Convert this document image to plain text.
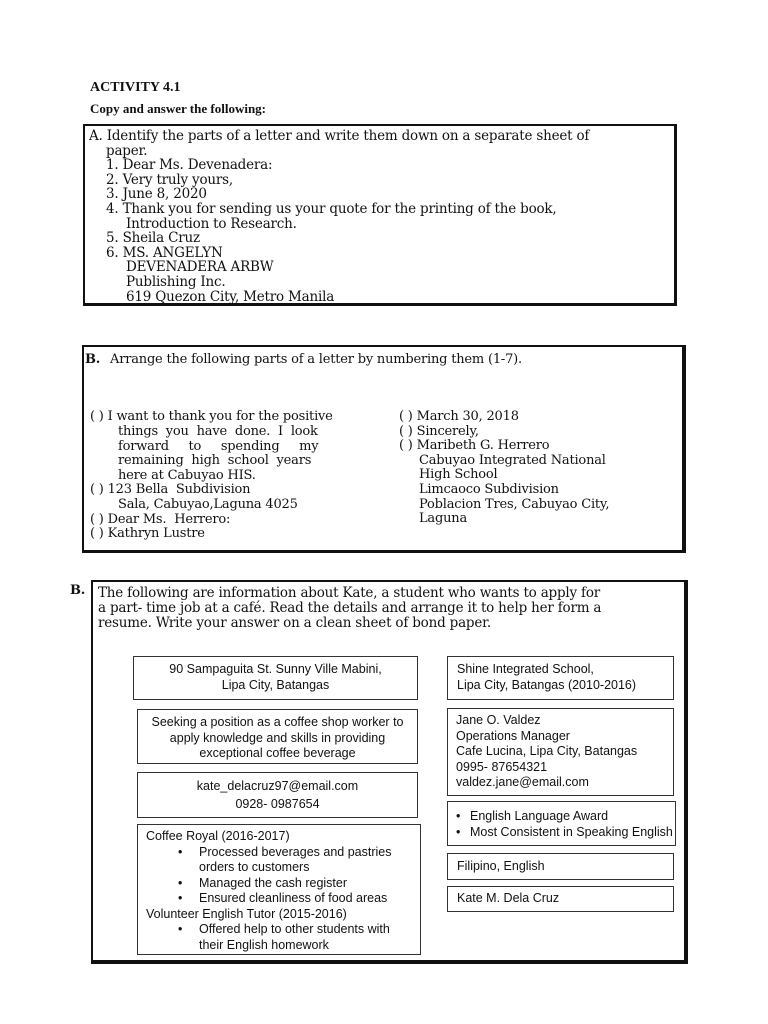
ACTIVITY 4.1
Copy and answer the following:
A. Identify the parts of a letter and write them down on a separate sheet of
paper.
1. Dear Ms. Devenadera:
2. Very truly yours,
3. June 8, 2020
4. Thank you for sending us your quote for the printing of the book,
Introduction to Research.
5. Sheila Cruz
6. MS. ANGELYN
DEVENADERA ARBW
Publishing Inc.
619 Quezon City, Metro Manila
B. Arrange the following parts of a letter by numbering them (1-7).
( ) I want to thank you for the positive
things  you  have  done.  I  look
forward     to     spending     my
remaining  high  school  years
here at Cabuyao HIS.
( ) 123 Bella  Subdivision
Sala, Cabuyao,Laguna 4025
( ) Dear Ms.  Herrero:
( ) Kathryn Lustre
( ) March 30, 2018
( ) Sincerely,
( ) Maribeth G. Herrero
Cabuyao Integrated National
High School
Limcaoco Subdivision
Poblacion Tres, Cabuyao City,
Laguna
B. The following are information about Kate, a student who wants to apply for
a part- time job at a café. Read the details and arrange it to help her form a
resume. Write your answer on a clean sheet of bond paper.
90 Sampaguita St. Sunny Ville Mabini,
Lipa City, Batangas
Seeking a position as a coffee shop worker to
apply knowledge and skills in providing
exceptional coffee beverage
kate_delacruz97@email.com
0928- 0987654
Coffee Royal (2016-2017)
•	Processed beverages and pastries
orders to customers
•	Managed the cash register
•	Ensured cleanliness of food areas
Volunteer English Tutor (2015-2016)
•	Offered help to other students with
their English homework
Shine Integrated School,
Lipa City, Batangas (2010-2016)
Jane O. Valdez
Operations Manager
Cafe Lucina, Lipa City, Batangas
0995- 87654321
valdez.jane@email.com
• English Language Award
• Most Consistent in Speaking English
Filipino, English
Kate M. Dela Cruz
